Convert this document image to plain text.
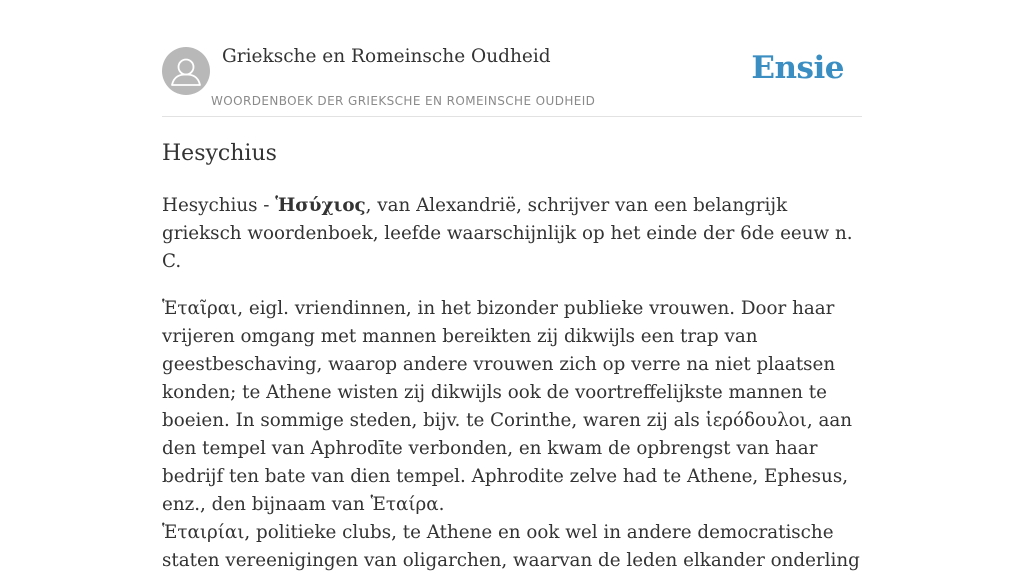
Grieksche en Romeinsche Oudheid
WOORDENBOEK DER GRIEKSCHE EN ROMEINSCHE OUDHEID
Ensie
Hesychius

Hesychius - Ἡσύχιος, van Alexandrië, schrijver van een belangrijk grieksch woordenboek, leefde waarschijnlijk op het einde der 6de eeuw n. C.

Ἑταῖραι, eigl. vriendinnen, in het bizonder publieke vrouwen. Door haar vrijeren omgang met mannen bereikten zij dikwijls een trap van geestbeschaving, waarop andere vrouwen zich op verre na niet plaatsen konden; te Athene wisten zij dikwijls ook de voortreffelijkste mannen te boeien. In sommige steden, bijv. te Corinthe, waren zij als ἱερόδουλοι, aan den tempel van Aphrodīte verbonden, en kwam de opbrengst van haar bedrijf ten bate van dien tempel. Aphrodite zelve had te Athene, Ephesus, enz., den bijnaam van Ἑταίρα.

Ἑταιρίαι, politieke clubs, te Athene en ook wel in andere democratische staten vereenigingen van oligarchen, waarvan de leden elkander onderling
